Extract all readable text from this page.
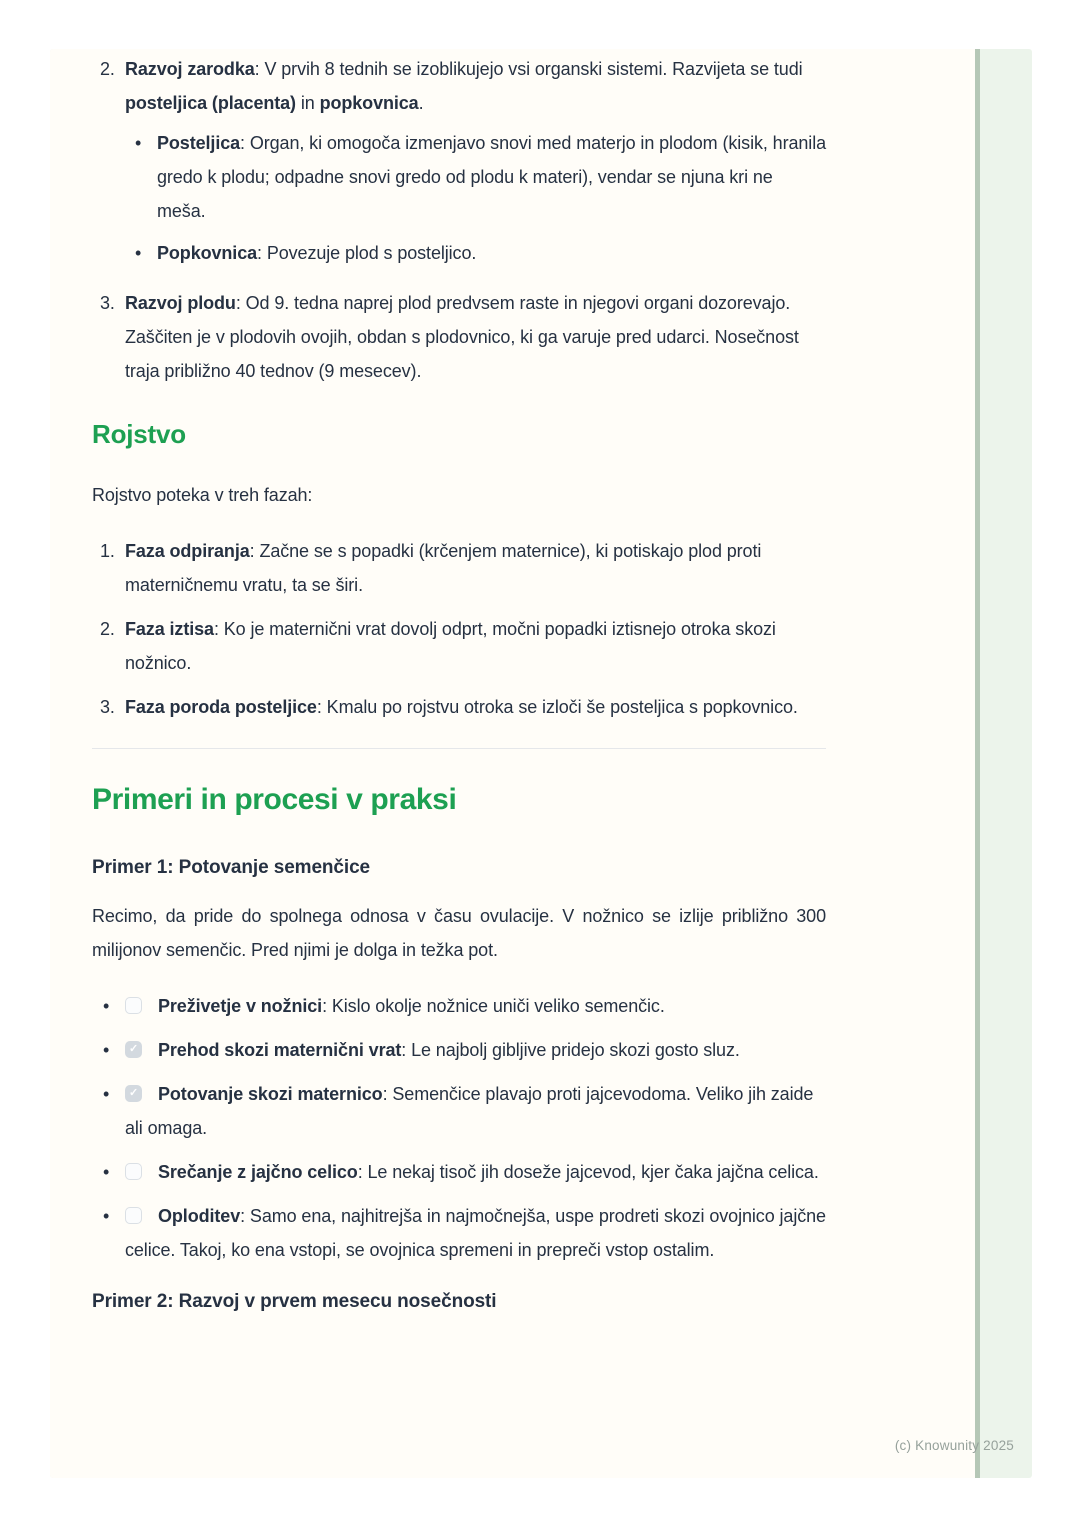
2. Razvoj zarodka: V prvih 8 tednih se izoblikujejo vsi organski sistemi. Razvijeta se tudi posteljica (placenta) in popkovnica.

• Posteljica: Organ, ki omogoča izmenjavo snovi med materjo in plodom (kisik, hranila gredo k plodu; odpadne snovi gredo od plodu k materi), vendar se njuna kri ne meša.

• Popkovnica: Povezuje plod s posteljico.

3. Razvoj plodu: Od 9. tedna naprej plod predvsem raste in njegovi organi dozorevajo. Zaščiten je v plodovih ovojih, obdan s plodovnico, ki ga varuje pred udarci. Nosečnost traja približno 40 tednov (9 mesecev).

Rojstvo

Rojstvo poteka v treh fazah:

1. Faza odpiranja: Začne se s popadki (krčenjem maternice), ki potiskajo plod proti materničnemu vratu, ta se širi.

2. Faza iztisa: Ko je maternični vrat dovolj odprt, močni popadki iztisnejo otroka skozi nožnico.

3. Faza poroda posteljice: Kmalu po rojstvu otroka se izloči še posteljica s popkovnico.

Primeri in procesi v praksi
Primer 1: Potovanje semenčice

Recimo, da pride do spolnega odnosa v času ovulacije. V nožnico se izlije približno 300 milijonov semenčic. Pred njimi je dolga in težka pot.

•	Preživetje v nožnici: Kislo okolje nožnice uniči veliko semenčic.
• ✓ Prehod skozi maternični vrat: Le najbolj gibljive pridejo skozi gosto sluz.
• ✓ Potovanje skozi maternico: Semenčice plavajo proti jajcevodoma. Veliko jih zaide ali omaga.
•	Srečanje z jajčno celico: Le nekaj tisoč jih doseže jajcevod, kjer čaka jajčna celica.
•	Oploditev: Samo ena, najhitrejša in najmočnejša, uspe prodreti skozi ovojnico jajčne celice. Takoj, ko ena vstopi, se ovojnica spremeni in prepreči vstop ostalim.
Primer 2: Razvoj v prvem mesecu nosečnosti
(c) Knowunity 2025
